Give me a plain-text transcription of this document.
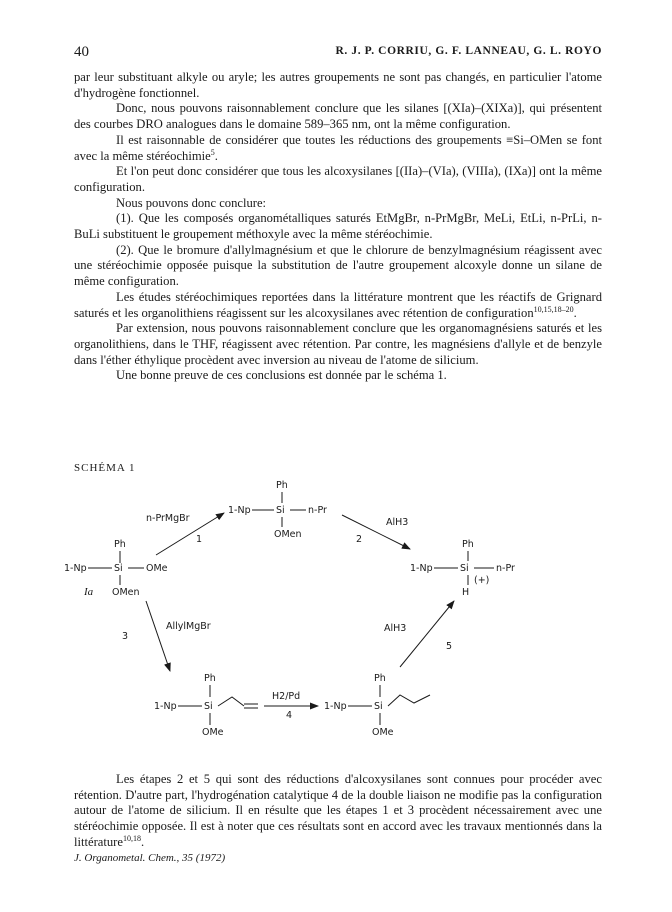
40	R. J. P. CORRIU, G. F. LANNEAU, G. L. ROYO

par leur substituant alkyle ou aryle; les autres groupements ne sont pas changés, en particulier l'atome d'hydrogène fonctionnel.

Donc, nous pouvons raisonnablement conclure que les silanes [(XIa)–(XIXa)], qui présentent des courbes DRO analogues dans le domaine 589–365 nm, ont la même configuration.

Il est raisonnable de considérer que toutes les réductions des groupements ≡Si–OMen se font avec la même stéréochimie$^5$.

Et l'on peut donc considérer que tous les alcoxysilanes [(IIa)–(VIa), (VIIIa), (IXa)] ont la même configuration.

Nous pouvons donc conclure:

(1). Que les composés organométalliques saturés EtMgBr, n-PrMgBr, MeLi, EtLi, n-PrLi, n-BuLi substituent le groupement méthoxyle avec la même stéréochimie.

(2). Que le bromure d'allylmagnésium et que le chlorure de benzylmagnésium réagissent avec une stéréochimie opposée puisque la substitution de l'autre groupement alcoxyle donne un silane de même configuration.

Les études stéréochimiques reportées dans la littérature montrent que les réactifs de Grignard saturés et les organolithiens réagissent sur les alcoxysilanes avec rétention de configuration$^{10,15,18-20}$.

Par extension, nous pouvons raisonnablement conclure que les organomagnésiens saturés et les organolithiens, dans le THF, réagissent avec rétention. Par contre, les magnésiens d'allyle et de benzyle dans l'éther éthylique procèdent avec inversion au niveau de l'atome de silicium.

Une bonne preuve de ces conclusions est donnée par le schéma 1.

SCHÉMA 1
Ph
1-Np	Si OMe
OMen
Ia
n-PrMgBr
1
Ph
1-Np	Si n-Pr
OMen
AlH3
2	Ph
1-Np	Si	n-Pr
(+)
H
AllylMgBr
3
Ph
1-Np	Si
OMe
H2/Pd
4
Ph
1-Np	Si
OMe
AlH3
5

Les étapes 2 et 5 qui sont des réductions d'alcoxysilanes sont connues pour procéder avec rétention. D'autre part, l'hydrogénation catalytique 4 de la double liaison ne modifie pas la configuration autour de l'atome de silicium. Il en résulte que les étapes 1 et 3 procèdent nécessairement avec une stéréochimie opposée. Il est à noter que ces résultats sont en accord avec les travaux mentionnés dans la littérature$^{10,18}$.

J. Organometal. Chem., 35 (1972)
